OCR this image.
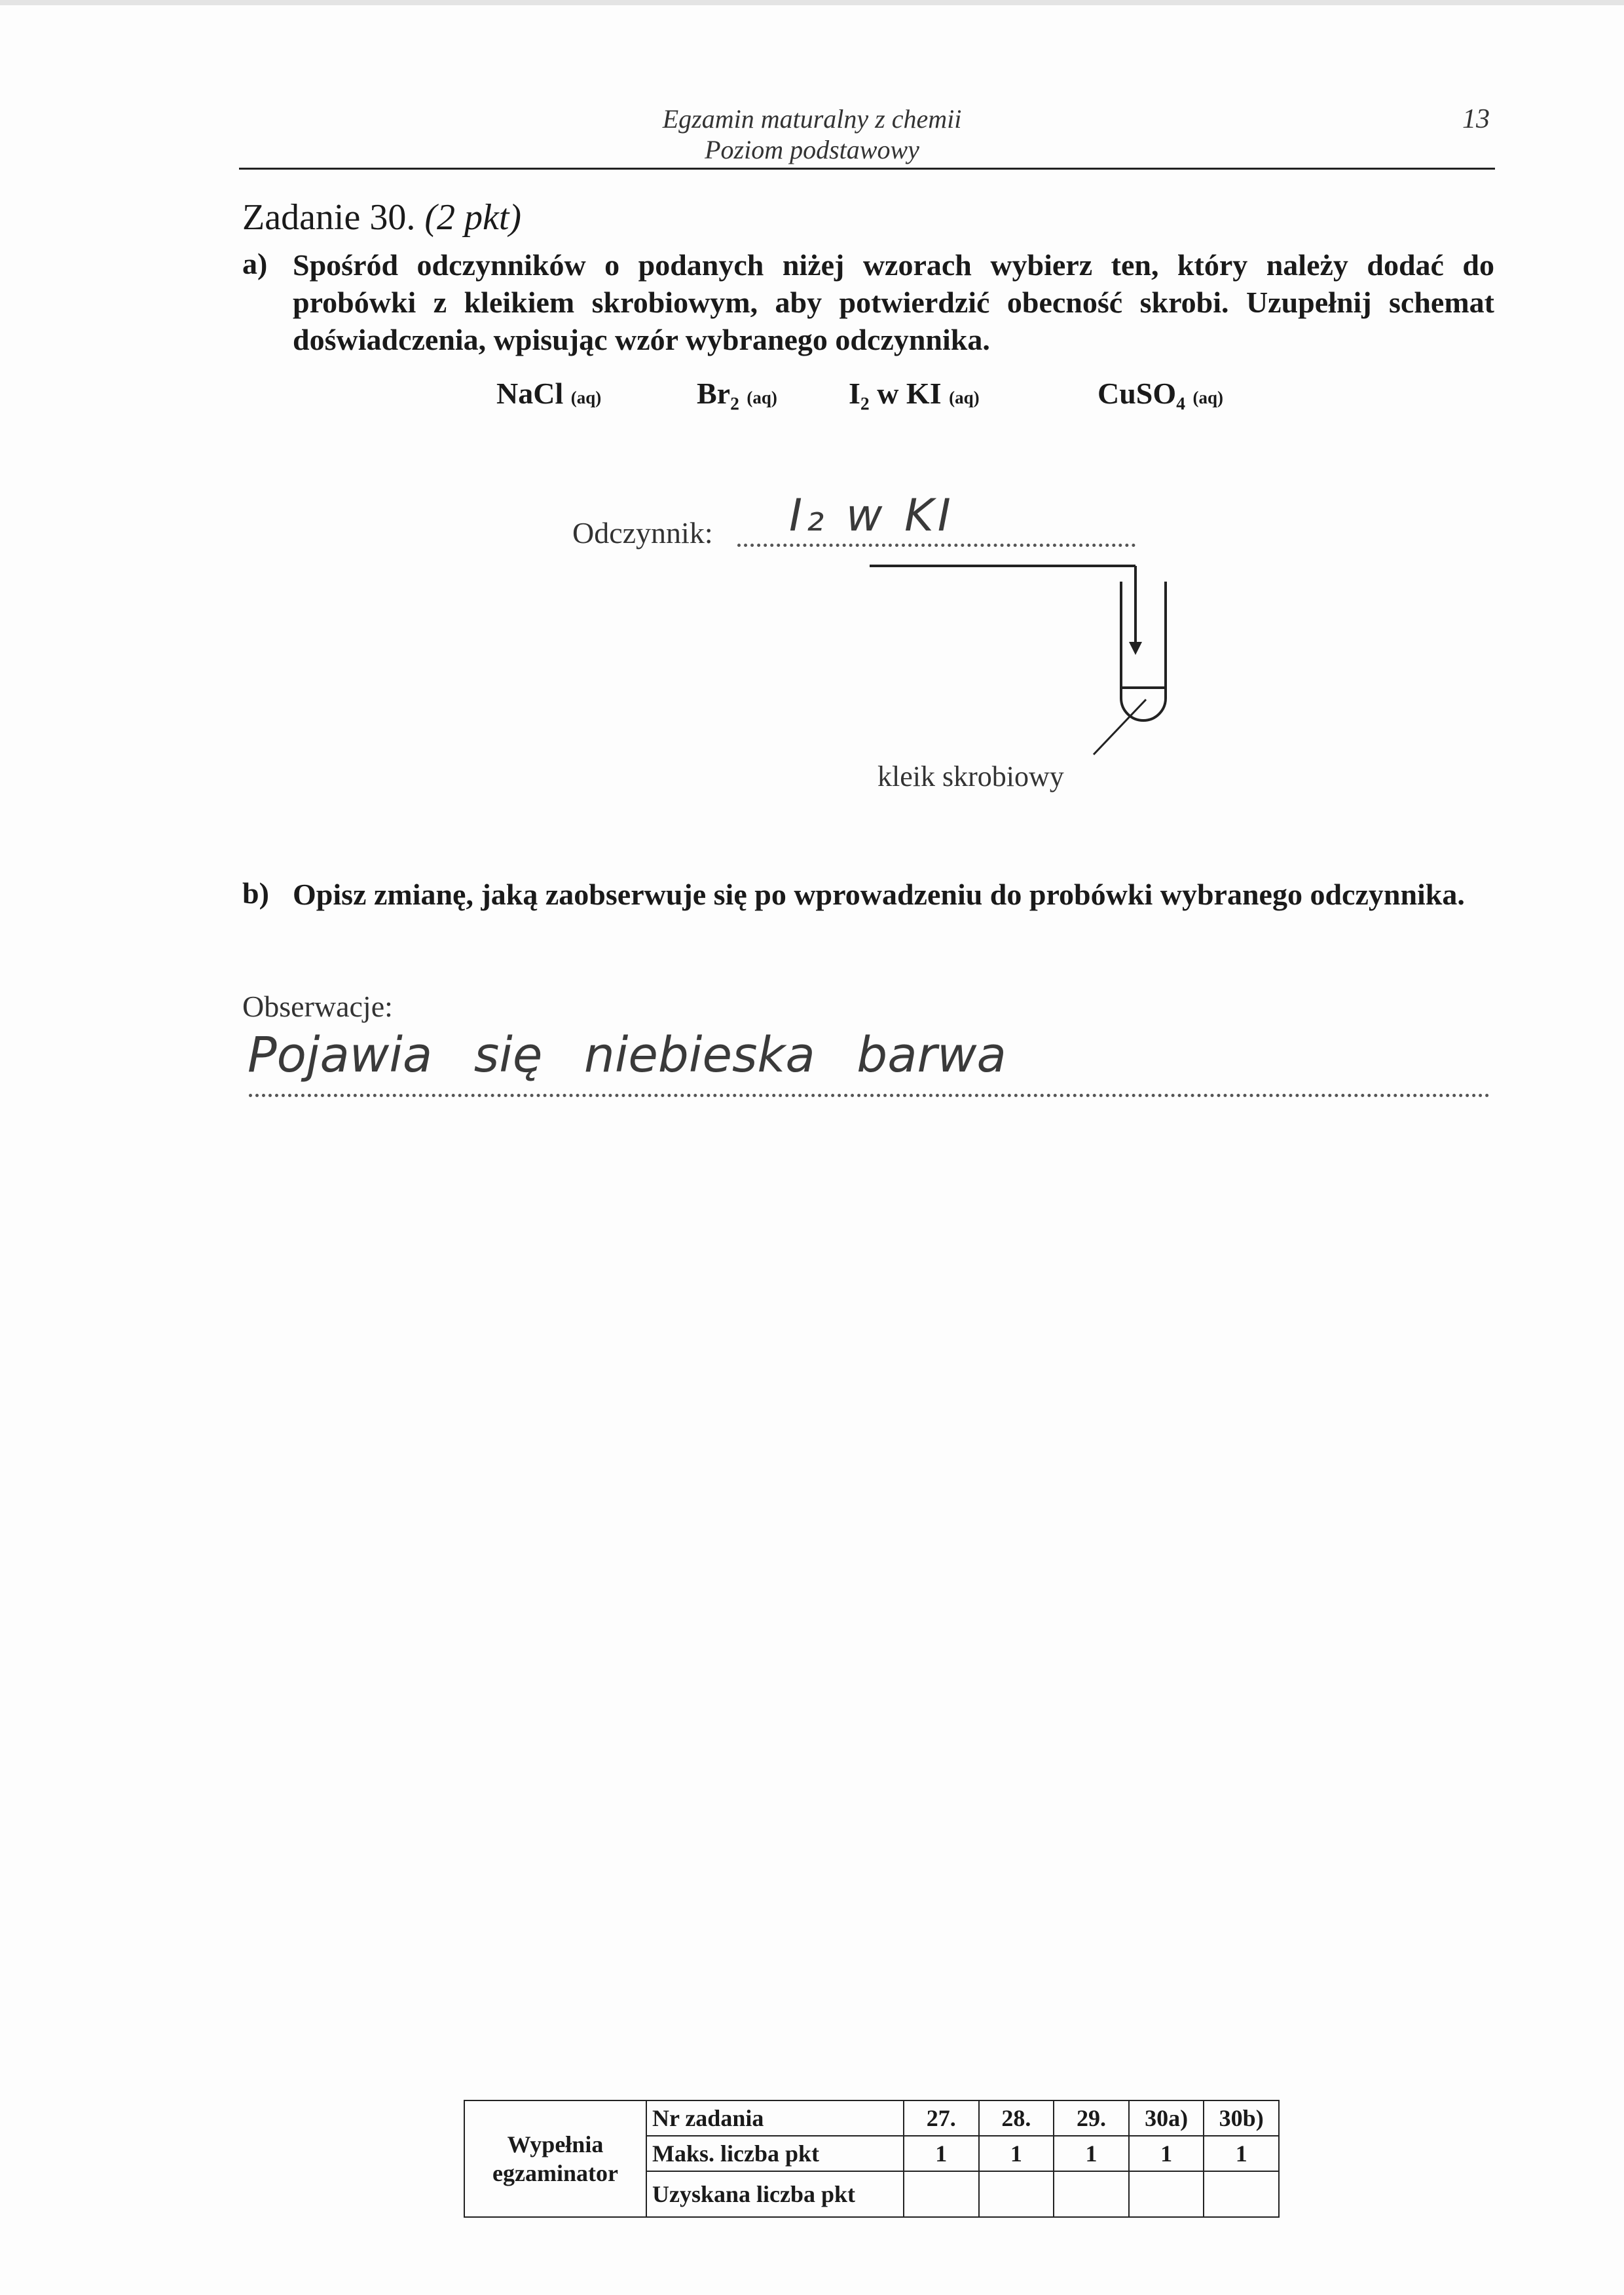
Egzamin maturalny z chemii
Poziom podstawowy
13
Zadanie 30. (2 pkt)
a) Spośród odczynników o podanych niżej wzorach wybierz ten, który należy dodać do probówki z kleikiem skrobiowym, aby potwierdzić obecność skrobi. Uzupełnij schemat doświadczenia, wpisując wzór wybranego odczynnika.
NaCl (aq)	Br₂ (aq) I₂ w KI (aq)	CuSO₄ (aq)
Odczynnik: I₂ w KI
kleik skrobiowy
b) Opisz zmianę, jaką zaobserwuje się po wprowadzeniu do probówki wybranego odczynnika.
Obserwacje:
Pojawia się niebieska barwa
Wypełnia
egzaminator	Nr zadania	27.	28.	29.	30a)	30b)
	Maks. liczba pkt	1	1	1	1	1
	Uzyskana liczba pkt					
